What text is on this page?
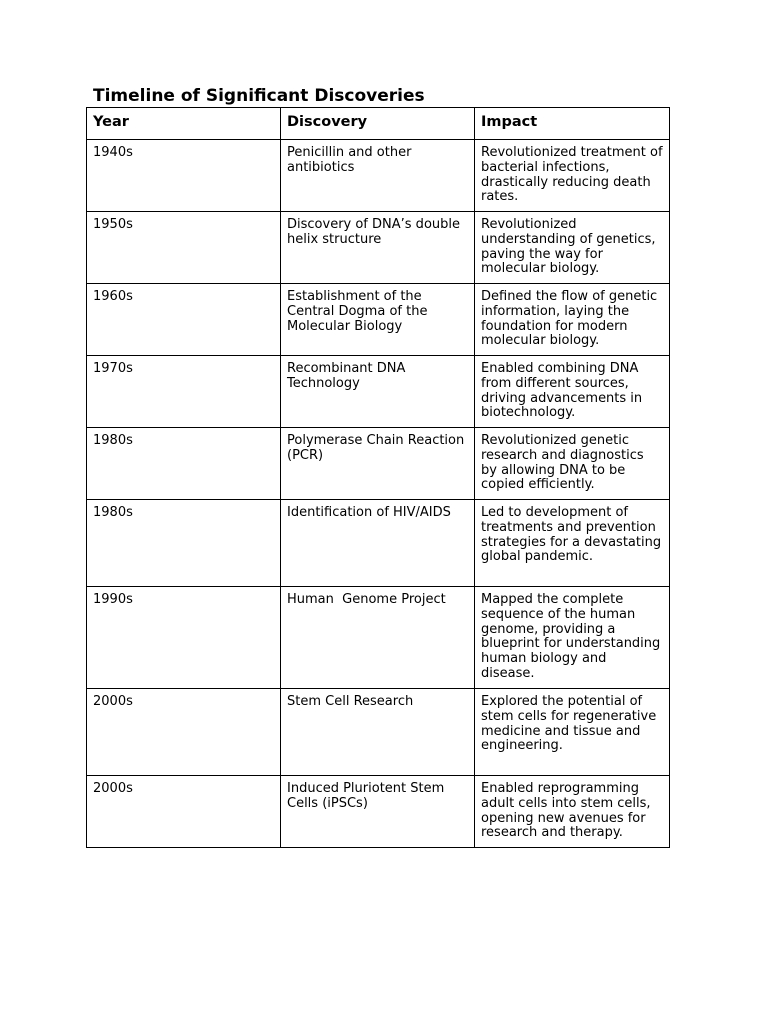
Timeline of Significant Discoveries
Year	Discovery	Impact

1940s	Penicillin and other antibiotics	Revolutionized treatment of bacterial infections, drastically reducing death rates.

1950s	Discovery of DNA’s double helix structure	Revolutionized understanding of genetics, paving the way for molecular biology.

1960s	Establishment of the Central Dogma of the Molecular Biology	Defined the flow of genetic information, laying the foundation for modern molecular biology.

1970s	Recombinant DNA Technology	Enabled combining DNA from different sources, driving advancements in biotechnology.

1980s	Polymerase Chain Reaction (PCR)	Revolutionized genetic research and diagnostics by allowing DNA to be copied efficiently.

1980s	Identification of HIV/AIDS	Led to development of treatments and prevention strategies for a devastating global pandemic.

1990s	Human  Genome Project	Mapped the complete sequence of the human genome, providing a blueprint for understanding human biology and disease.

2000s	Stem Cell Research	Explored the potential of stem cells for regenerative medicine and tissue and engineering.

2000s	Induced Pluriotent Stem Cells (iPSCs)	Enabled reprogramming adult cells into stem cells, opening new avenues for research and therapy.
